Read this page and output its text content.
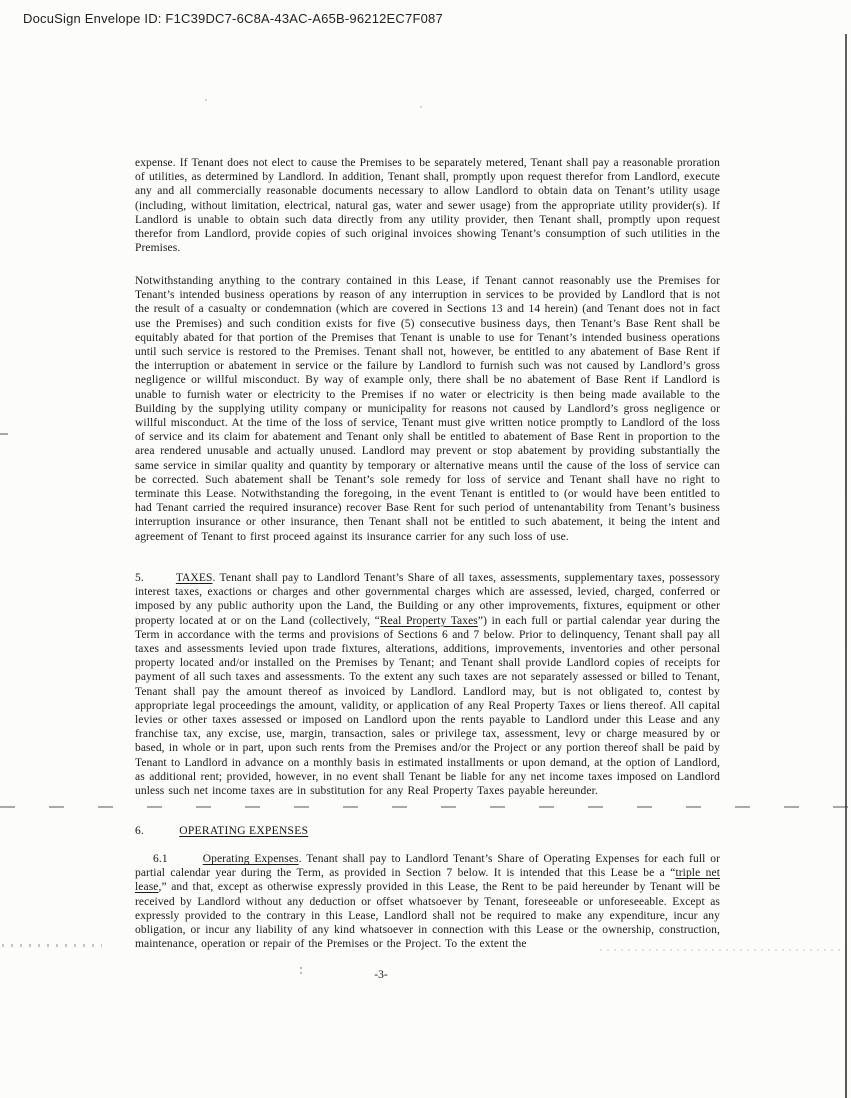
DocuSign Envelope ID: F1C39DC7-6C8A-43AC-A65B-96212EC7F087

expense. If Tenant does not elect to cause the Premises to be separately metered, Tenant shall pay a reasonable proration of utilities, as determined by Landlord. In addition, Tenant shall, promptly upon request therefor from Landlord, execute any and all commercially reasonable documents necessary to allow Landlord to obtain data on Tenant’s utility usage (including, without limitation, electrical, natural gas, water and sewer usage) from the appropriate utility provider(s). If Landlord is unable to obtain such data directly from any utility provider, then Tenant shall, promptly upon request therefor from Landlord, provide copies of such original invoices showing Tenant’s consumption of such utilities in the Premises.

Notwithstanding anything to the contrary contained in this Lease, if Tenant cannot reasonably use the Premises for Tenant’s intended business operations by reason of any interruption in services to be provided by Landlord that is not the result of a casualty or condemnation (which are covered in Sections 13 and 14 herein) (and Tenant does not in fact use the Premises) and such condition exists for five (5) consecutive business days, then Tenant’s Base Rent shall be equitably abated for that portion of the Premises that Tenant is unable to use for Tenant’s intended business operations until such service is restored to the Premises. Tenant shall not, however, be entitled to any abatement of Base Rent if the interruption or abatement in service or the failure by Landlord to furnish such was not caused by Landlord’s gross negligence or willful misconduct. By way of example only, there shall be no abatement of Base Rent if Landlord is unable to furnish water or electricity to the Premises if no water or electricity is then being made available to the Building by the supplying utility company or municipality for reasons not caused by Landlord’s gross negligence or willful misconduct. At the time of the loss of service, Tenant must give written notice promptly to Landlord of the loss of service and its claim for abatement and Tenant only shall be entitled to abatement of Base Rent in proportion to the area rendered unusable and actually unused. Landlord may prevent or stop abatement by providing substantially the same service in similar quality and quantity by temporary or alternative means until the cause of the loss of service can be corrected. Such abatement shall be Tenant’s sole remedy for loss of service and Tenant shall have no right to terminate this Lease. Notwithstanding the foregoing, in the event Tenant is entitled to (or would have been entitled to had Tenant carried the required insurance) recover Base Rent for such period of untenantability from Tenant’s business interruption insurance or other insurance, then Tenant shall not be entitled to such abatement, it being the intent and agreement of Tenant to first proceed against its insurance carrier for any such loss of use.

5.	TAXES. Tenant shall pay to Landlord Tenant’s Share of all taxes, assessments, supplementary taxes, possessory interest taxes, exactions or charges and other governmental charges which are assessed, levied, charged, conferred or imposed by any public authority upon the Land, the Building or any other improvements, fixtures, equipment or other property located at or on the Land (collectively, “Real Property Taxes”) in each full or partial calendar year during the Term in accordance with the terms and provisions of Sections 6 and 7 below. Prior to delinquency, Tenant shall pay all taxes and assessments levied upon trade fixtures, alterations, additions, improvements, inventories and other personal property located and/or installed on the Premises by Tenant; and Tenant shall provide Landlord copies of receipts for payment of all such taxes and assessments. To the extent any such taxes are not separately assessed or billed to Tenant, Tenant shall pay the amount thereof as invoiced by Landlord. Landlord may, but is not obligated to, contest by appropriate legal proceedings the amount, validity, or application of any Real Property Taxes or liens thereof. All capital levies or other taxes assessed or imposed on Landlord upon the rents payable to Landlord under this Lease and any franchise tax, any excise, use, margin, transaction, sales or privilege tax, assessment, levy or charge measured by or based, in whole or in part, upon such rents from the Premises and/or the Project or any portion thereof shall be paid by Tenant to Landlord in advance on a monthly basis in estimated installments or upon demand, at the option of Landlord, as additional rent; provided, however, in no event shall Tenant be liable for any net income taxes imposed on Landlord unless such net income taxes are in substitution for any Real Property Taxes payable hereunder.

6.	OPERATING EXPENSES

6.1	Operating Expenses. Tenant shall pay to Landlord Tenant’s Share of Operating Expenses for each full or partial calendar year during the Term, as provided in Section 7 below. It is intended that this Lease be a “triple net lease,” and that, except as otherwise expressly provided in this Lease, the Rent to be paid hereunder by Tenant will be received by Landlord without any deduction or offset whatsoever by Tenant, foreseeable or unforeseeable. Except as expressly provided to the contrary in this Lease, Landlord shall not be required to make any expenditure, incur any obligation, or incur any liability of any kind whatsoever in connection with this Lease or the ownership, construction, maintenance, operation or repair of the Premises or the Project. To the extent the

-3-
